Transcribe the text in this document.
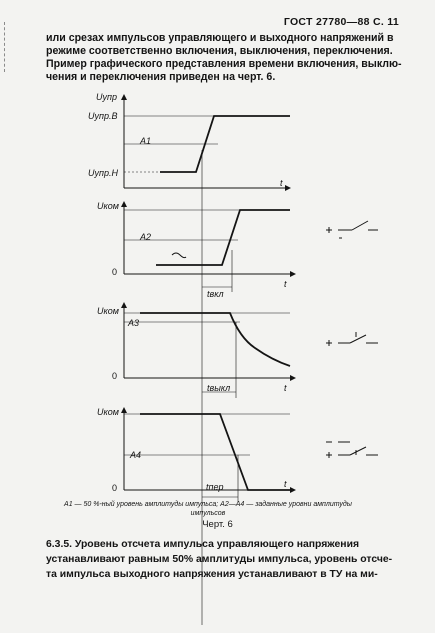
ГОСТ 27780—88 С. 11
или срезах импульсов управляющего и выходного напряжений в
режиме соответственно включения, выключения, переключения.
Пример графического представления времени включения, выклю-
чения и переключения приведен на черт. 6.
Uупр
Uупр.В
Uупр.Н
A1
t
Uком
0
A2
t
tвкл
Uком
0
A3
t
tвыкл
Uком
0
A4
t
tпер
A1 — 50 %-ный уровень амплитуды импульса; A2—A4 — заданные уровни амплитуды импульсов
Черт. 6
6.3.5. Уровень отсчета импульса управляющего напряжения
устанавливают равным 50% амплитуды импульса, уровень отсче-
та импульса выходного напряжения устанавливают в ТУ на ми-
